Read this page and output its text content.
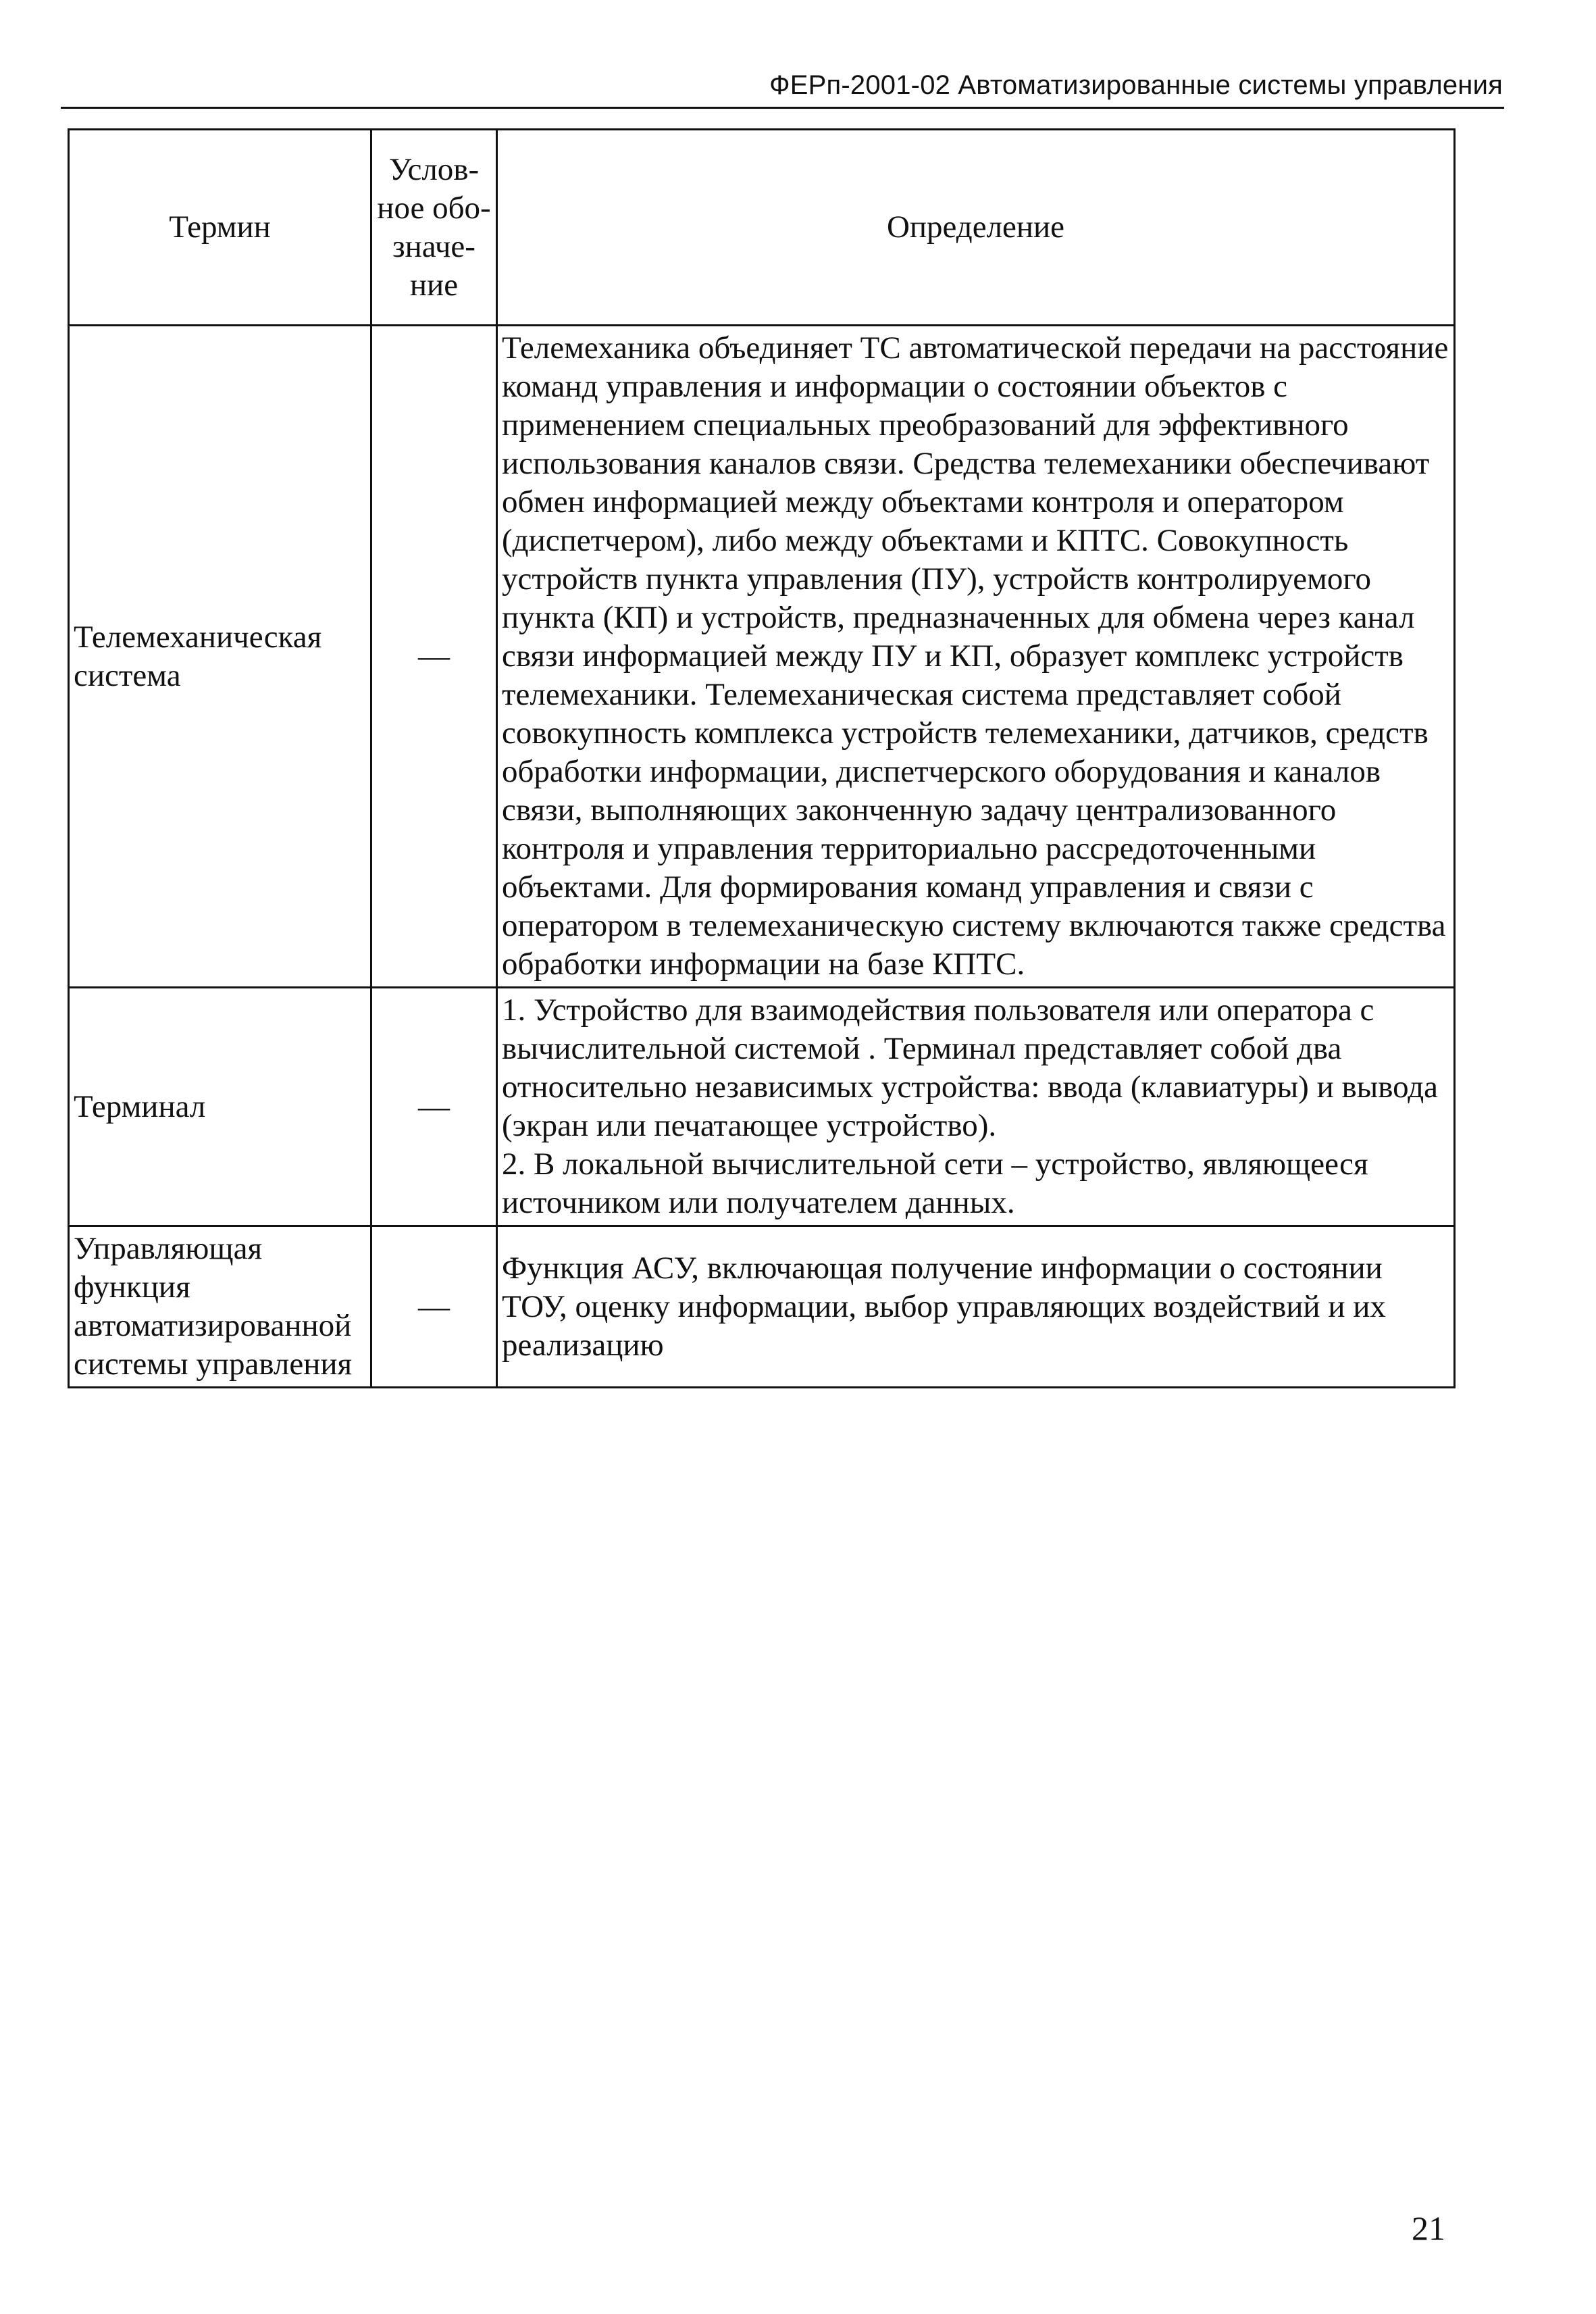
ФЕРп-2001-02 Автоматизированные системы управления
Термин	Услов-ное обо-значе-ние	Определение
Телемеханическая система	—	Телемеханика объединяет ТС автоматической передачи на расстояние команд управления и информации о состоянии объектов с применением специальных преобразований для эффективного использования каналов связи. Средства телемеханики обеспечивают обмен информацией между объектами контроля и оператором (диспетчером), либо между объектами и КПТС. Совокупность устройств пункта управления (ПУ), устройств контролируемого пункта (КП) и устройств, предназначенных для обмена через канал связи информацией между ПУ и КП, образует комплекс устройств телемеханики. Телемеханическая система представляет собой совокупность комплекса устройств телемеханики, датчиков, средств обработки информации, диспетчерского оборудования и каналов связи, выполняющих законченную задачу централизованного контроля и управления территориально рассредоточенными объектами. Для формирования команд управления и связи с оператором в телемеханическую систему включаются также средства обработки информации на базе КПТС.
Терминал	—	1. Устройство для взаимодействия пользователя или оператора с вычислительной системой . Терминал представляет собой два относительно независимых устройства: ввода (клавиатуры) и вывода (экран или печатающее устройство).
2. В локальной вычислительной сети – устройство, являющееся источником или получателем данных.

Управляющая функция автоматизированной системы управления	—	Функция АСУ, включающая получение информации о состоянии ТОУ, оценку информации, выбор управляющих воздействий и их реализацию
21
